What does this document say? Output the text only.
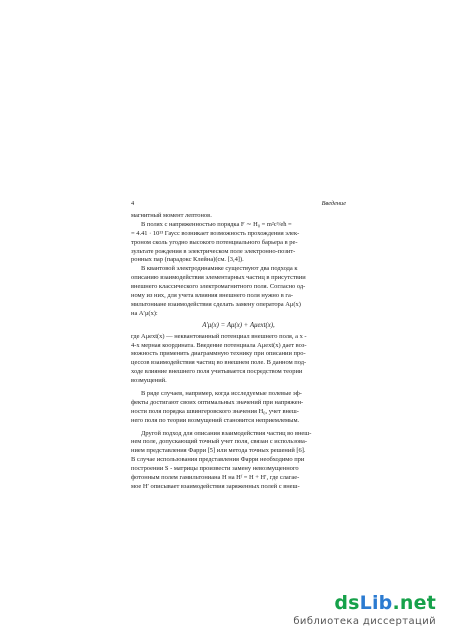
4	Введение
магнитный момент лептонов.
В полях с напряженностью порядка F ∼ H₀ = m²c³/eħ =
= 4.41 · 10¹³ Гаусс возникает возможность прохождения элек-
троном сколь угодно высокого потенциального барьера в ре-
зультате рождения в электрическом поле электронно-позит-
ронных пар (парадокс Клейна)(см. [3,4]).
В квантовой электродинамике существуют два подхода к
описанию взаимодействия элементарных частиц в присутствии
внешнего классического электромагнитного поля. Согласно од-
ному из них, для учета влияния внешнего поля нужно в га-
мильтониане взаимодействия сделать замену оператора Aμ(x)
на A′μ(x):
A′μ(x) = Aμ(x) + Aμext(x),
где Aμext(x) — неквантованный потенциал внешнего поля, a x -
4-х мерная координата. Введение потенциала Aμext(x) дает воз-
можность применить диаграммную технику при описании про-
цессов взаимодействия частиц во внешнем поле. В данном под-
ходе влияние внешнего поля учитывается посредством теории
возмущений.
В ряде случаев, например, когда исследуемые полевые эф-
фекты достигают своих оптимальных значений при напряжен-
ности поля порядка швингеровского значения H₀, учет внеш-
него поля по теории возмущений становится неприемлемым.
Другой подход для описания взаимодействия частиц во внеш-
нем поле, допускающий точный учет поля, связан с использова-
нием представления Фарри [5] или метода точных решений [6].
В случае использования представления Фарри необходимо при
построении S - матрицы произвести замену невозмущенного
фотонным полем гамильтониана H на Hᶠ = H + H′, где слагае-
мое H′ описывает взаимодействия заряженных полей с внеш-
dsLib.net
библиотека диссертаций
